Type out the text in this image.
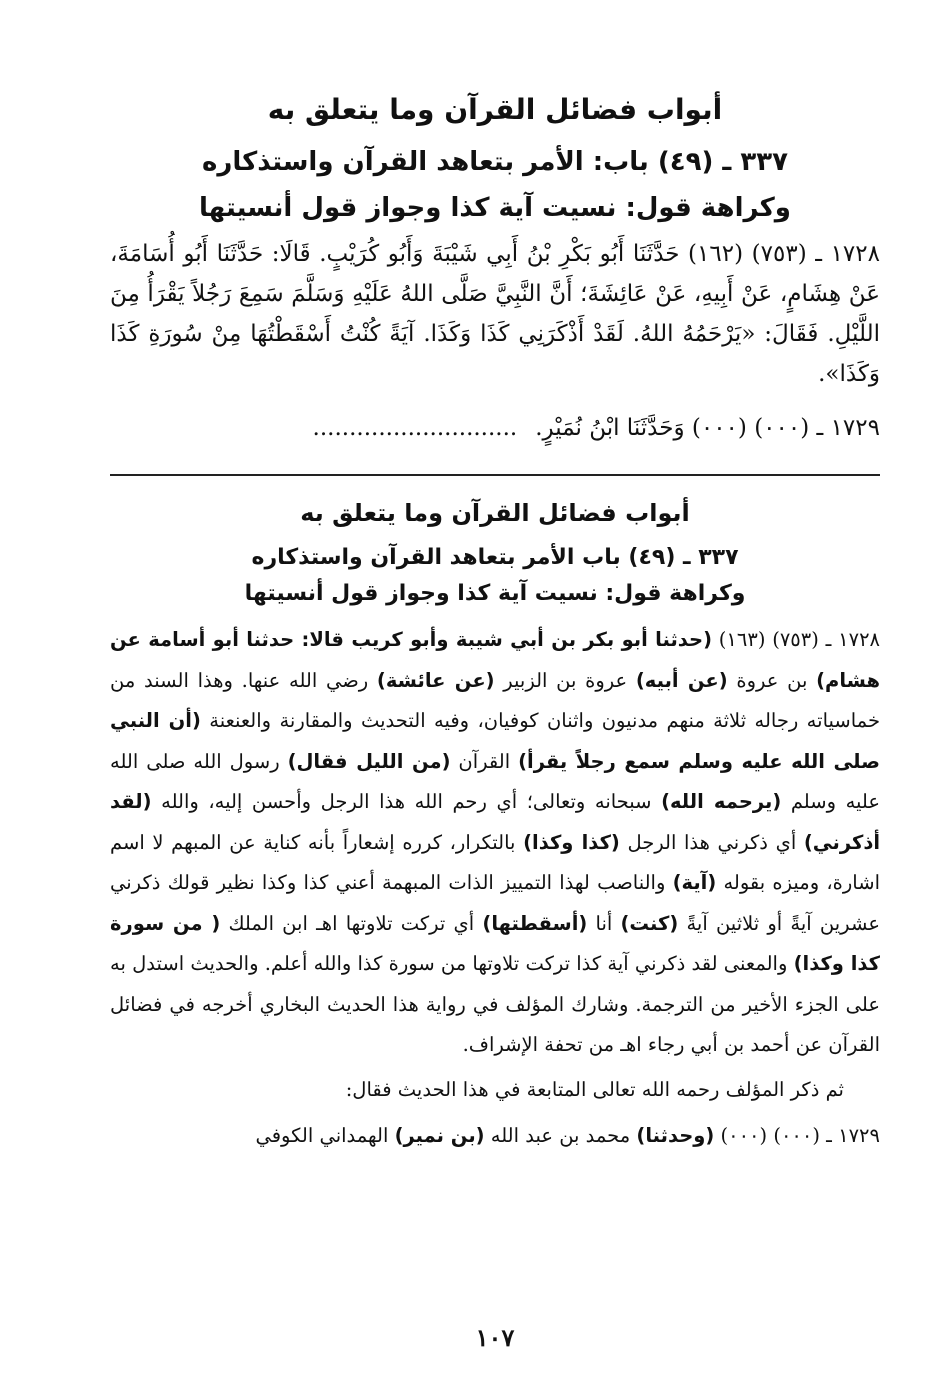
أبواب فضائل القرآن وما يتعلق به
٣٣٧ ـ (٤٩) باب: الأمر بتعاهد القرآن واستذكاره
وكراهة قول: نسيت آية كذا وجواز قول أنسيتها

١٧٢٨ ـ (٧٥٣) (١٦٢) حَدَّثَنَا أَبُو بَكْرِ بْنُ أَبِي شَيْبَةَ وَأَبُو كُرَيْبٍ. قَالَا: حَدَّثَنَا أَبُو أُسَامَةَ، عَنْ هِشَامٍ، عَنْ أَبِيهِ، عَنْ عَائِشَةَ؛ أَنَّ النَّبِيَّ صَلَّى اللهُ عَلَيْهِ وَسَلَّمَ سَمِعَ رَجُلاً يَقْرَأُ مِنَ اللَّيْلِ. فَقَالَ: «يَرْحَمُهُ اللهُ. لَقَدْ أَذْكَرَنِي كَذَا وَكَذَا. آيَةً كُنْتُ أَسْقَطْتُهَا مِنْ سُورَةِ كَذَا وَكَذَا».

١٧٢٩ ـ (٠٠٠) (٠٠٠) وَحَدَّثَنَا ابْنُ نُمَيْرٍ.............................

أبواب فضائل القرآن وما يتعلق به
٣٣٧ ـ (٤٩) باب الأمر بتعاهد القرآن واستذكاره
وكراهة قول: نسيت آية كذا وجواز قول أنسيتها

١٧٢٨ ـ (٧٥٣) (١٦٣) (حدثنا أبو بكر بن أبي شيبة وأبو كريب قالا: حدثنا أبو أسامة عن هشام) بن عروة (عن أبيه) عروة بن الزبير (عن عائشة) رضي الله عنها. وهذا السند من خماسياته رجاله ثلاثة منهم مدنيون واثنان كوفيان، وفيه التحديث والمقارنة والعنعنة (أن النبي صلى الله عليه وسلم سمع رجلاً يقرأ) القرآن (من الليل فقال) رسول الله صلى الله عليه وسلم (يرحمه الله) سبحانه وتعالى؛ أي رحم الله هذا الرجل وأحسن إليه، والله (لقد أذكرني) أي ذكرني هذا الرجل (كذا وكذا) بالتكرار، كرره إشعاراً بأنه كناية عن المبهم لا اسم اشارة، وميزه بقوله (آية) والناصب لهذا التمييز الذات المبهمة أعني كذا وكذا نظير قولك ذكرني عشرين آيةً أو ثلاثين آيةً (كنت) أنا (أسقطتها) أي تركت تلاوتها اهـ ابن الملك ( من سورة كذا وكذا) والمعنى لقد ذكرني آية كذا تركت تلاوتها من سورة كذا والله أعلم. والحديث استدل به على الجزء الأخير من الترجمة. وشارك المؤلف في رواية هذا الحديث البخاري أخرجه في فضائل القرآن عن أحمد بن أبي رجاء اهـ من تحفة الإشراف.

ثم ذكر المؤلف رحمه الله تعالى المتابعة في هذا الحديث فقال:

١٧٢٩ ـ (٠٠٠) (٠٠٠) (وحدثنا) محمد بن عبد الله (بن نمير) الهمداني الكوفي

١٠٧
